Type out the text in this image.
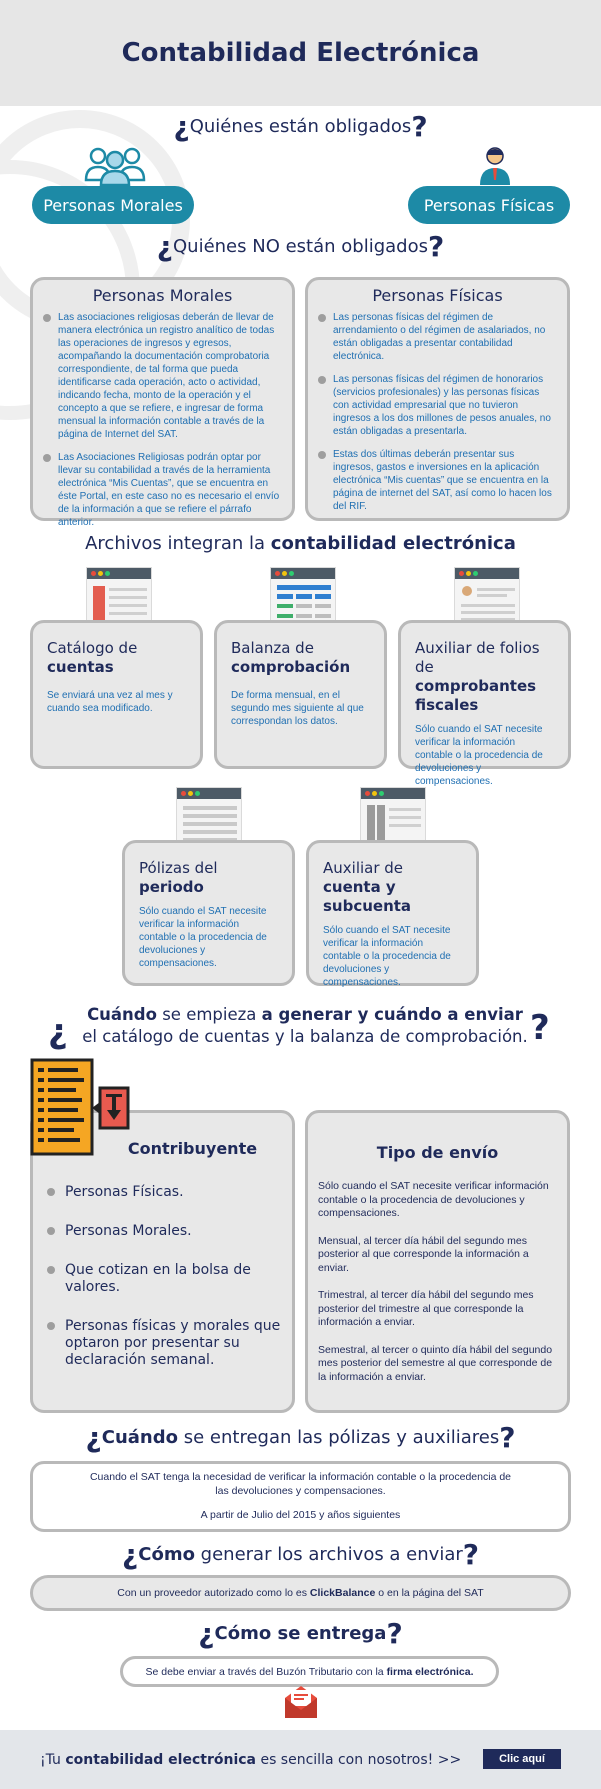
Contabilidad Electrónica
¿Quiénes están obligados?
Personas Morales	Personas Físicas
¿Quiénes NO están obligados?
Personas Morales
Las asociaciones religiosas deberán de llevar de manera electrónica un registro analítico de todas las operaciones de ingresos y egresos, acompañando la documentación comprobatoria correspondiente, de tal forma que pueda identificarse cada operación, acto o actividad, indicando fecha, monto de la operación y el concepto a que se refiere, e ingresar de forma mensual la información contable a través de la página de Internet del SAT.
Las Asociaciones Religiosas podrán optar por llevar su contabilidad a través de la herramienta electrónica “Mis Cuentas”, que se encuentra en éste Portal, en este caso no es necesario el envío de la información a que se refiere el párrafo anterior.
Personas Físicas
Las personas físicas del régimen de arrendamiento o del régimen de asalariados, no están obligadas a presentar contabilidad electrónica.
Las personas físicas del régimen de honorarios (servicios profesionales) y las personas físicas con actividad empresarial que no tuvieron ingresos a los dos millones de pesos anuales, no están obligadas a presentarla.
Estas dos últimas deberán presentar sus ingresos, gastos e inversiones en la aplicación electrónica “Mis cuentas” que se encuentra en la página de internet del SAT, así como lo hacen los del RIF.
Archivos integran la contabilidad electrónica
Catálogo de
cuentas
Se enviará una vez al mes y cuando sea modificado.
Balanza de
comprobación
De forma mensual, en el segundo mes siguiente al que correspondan los datos.
Auxiliar de folios de
comprobantes fiscales
Sólo cuando el SAT necesite verificar la información contable o la procedencia de devoluciones y compensaciones.
Pólizas del
periodo
Sólo cuando el SAT necesite verificar la información contable o la procedencia de devoluciones y compensaciones.
Auxiliar de cuenta y subcuenta
Sólo cuando el SAT necesite verificar la información contable o la procedencia de devoluciones y compensaciones.
¿	Cuándo se empieza a generar y cuándo a enviar
el catálogo de cuentas y la balanza de comprobación. ?
Contribuyente
Personas Físicas.
Personas Morales.
Que cotizan en la bolsa de valores.
Personas físicas y morales que optaron por presentar su declaración semanal.
Tipo de envío

Sólo cuando el SAT necesite verificar información contable o la procedencia de devoluciones y compensaciones.

Mensual, al tercer día hábil del segundo mes posterior al que corresponde la información a enviar.

Trimestral, al tercer día hábil del segundo mes posterior del trimestre al que corresponde la información a enviar.

Semestral, al tercer o quinto día hábil del segundo mes posterior del semestre al que corresponde de la información a enviar.

¿Cuándo se entregan las pólizas y auxiliares?
Cuando el SAT tenga la necesidad de verificar la información contable o la procedencia de las devoluciones y compensaciones.
A partir de Julio del 2015 y años siguientes
¿Cómo generar los archivos a enviar?
Con un proveedor autorizado como lo es
ClickBalance
o en la página del SAT
¿Cómo se entrega?
Se debe enviar a través del Buzón Tributario con la
firma electrónica.
¡Tu contabilidad electrónica es sencilla con nosotros! >>	Clic aquí
